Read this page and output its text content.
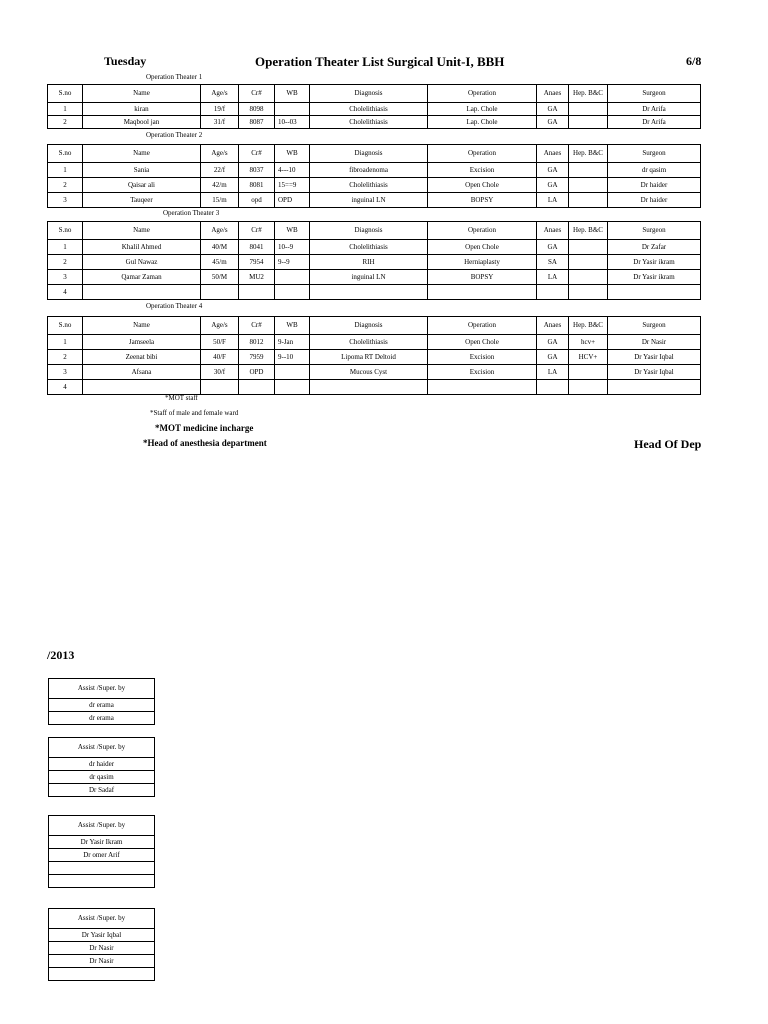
Tuesday	Operation Theater List Surgical Unit-I, BBH	6/8
Operation Theater 1
S.no	Name	Age/s	Cr#	WB	Diagnosis	Operation	Anaes	Hep. B&C	Surgeon
1	kiran	19/f	8098		Cholelithiasis	Lap. Chole	GA		Dr Arifa
2	Maqbool jan	31/f	8087	10--03	Cholelithiasis	Lap. Chole	GA		Dr Arifa
Operation Theater 2
S.no	Name	Age/s	Cr#	WB	Diagnosis	Operation	Anaes	Hep. B&C	Surgeon
1	Sania	22/f	8037	4---10	fibroadenoma	Excision	GA		dr qasim
2	Qaisar ali	42/m	8081	15==9	Cholelithiasis	Open Chole	GA		Dr haider
3	Tauqeer	15/m	opd	OPD	inguinal LN	BOPSY	LA		Dr haider
Operation Theater 3
S.no	Name	Age/s	Cr#	WB	Diagnosis	Operation	Anaes	Hep. B&C	Surgeon
1	Khalil Ahmed	40/M	8041	10--9	Cholelithiasis	Open Chole	GA		Dr Zafar
2	Gul Nawaz	45/m	7954	9--9	RIH	Herniaplasty	SA		Dr Yasir ikram
3	Qamar Zaman	50/M	MU2		inguinal LN	BOPSY	LA		Dr Yasir ikram
4									
Operation Theater 4
S.no	Name	Age/s	Cr#	WB	Diagnosis	Operation	Anaes	Hep. B&C	Surgeon
1	Jamseela	50/F	8012	9-Jan	Cholelithiasis	Open Chole	GA	hcv+	Dr Nasir
2	Zeenat bibi	40/F	7959	9--10	Lipoma RT Deltoid	Excision	GA	HCV+	Dr Yasir Iqbal
3	Afsana	30/f	OPD		Mucous Cyst	Excision	LA		Dr Yasir Iqbal
4									
*MOT staff
*Staff of male and female ward
*MOT medicine incharge
*Head of anesthesia department	Head Of Dep
/2013
Assist /Super. by
dr erama
dr erama
Assist /Super. by
dr haider
dr qasim
Dr Sadaf
Assist /Super. by
Dr Yasir Ikram
Dr omer Arif

Assist /Super. by
Dr Yasir Iqbal
Dr Nasir
Dr Nasir
